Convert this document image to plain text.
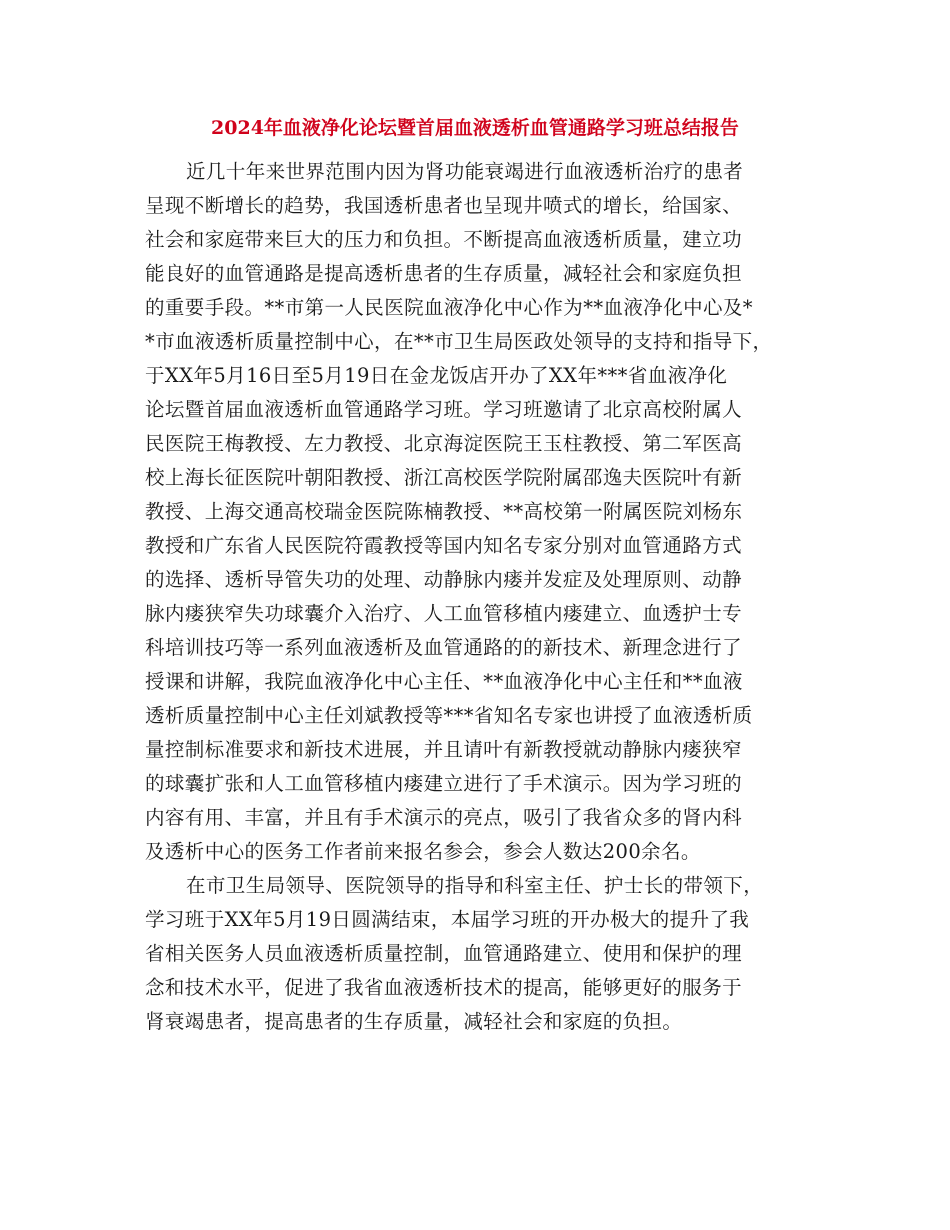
2024年血液净化论坛暨首届血液透析血管通路学习班总结报告
近几十年来世界范围内因为肾功能衰竭进行血液透析治疗的患者
呈现不断增长的趋势，我国透析患者也呈现井喷式的增长，给国家、
社会和家庭带来巨大的压力和负担。不断提高血液透析质量，建立功
能良好的血管通路是提高透析患者的生存质量，减轻社会和家庭负担
的重要手段。**市第一人民医院血液净化中心作为**血液净化中心及*
*市血液透析质量控制中心，在**市卫生局医政处领导的支持和指导下，
于XX年5月16日至5月19日在金龙饭店开办了XX年***省血液净化
论坛暨首届血液透析血管通路学习班。学习班邀请了北京高校附属人
民医院王梅教授、左力教授、北京海淀医院王玉柱教授、第二军医高
校上海长征医院叶朝阳教授、浙江高校医学院附属邵逸夫医院叶有新
教授、上海交通高校瑞金医院陈楠教授、**高校第一附属医院刘杨东
教授和广东省人民医院符霞教授等国内知名专家分别对血管通路方式
的选择、透析导管失功的处理、动静脉内瘘并发症及处理原则、动静
脉内瘘狭窄失功球囊介入治疗、人工血管移植内瘘建立、血透护士专
科培训技巧等一系列血液透析及血管通路的的新技术、新理念进行了
授课和讲解，我院血液净化中心主任、**血液净化中心主任和**血液
透析质量控制中心主任刘斌教授等***省知名专家也讲授了血液透析质
量控制标准要求和新技术进展，并且请叶有新教授就动静脉内瘘狭窄
的球囊扩张和人工血管移植内瘘建立进行了手术演示。因为学习班的
内容有用、丰富，并且有手术演示的亮点，吸引了我省众多的肾内科
及透析中心的医务工作者前来报名参会，参会人数达200余名。
在市卫生局领导、医院领导的指导和科室主任、护士长的带领下，
学习班于XX年5月19日圆满结束，本届学习班的开办极大的提升了我
省相关医务人员血液透析质量控制，血管通路建立、使用和保护的理
念和技术水平，促进了我省血液透析技术的提高，能够更好的服务于
肾衰竭患者，提高患者的生存质量，减轻社会和家庭的负担。
